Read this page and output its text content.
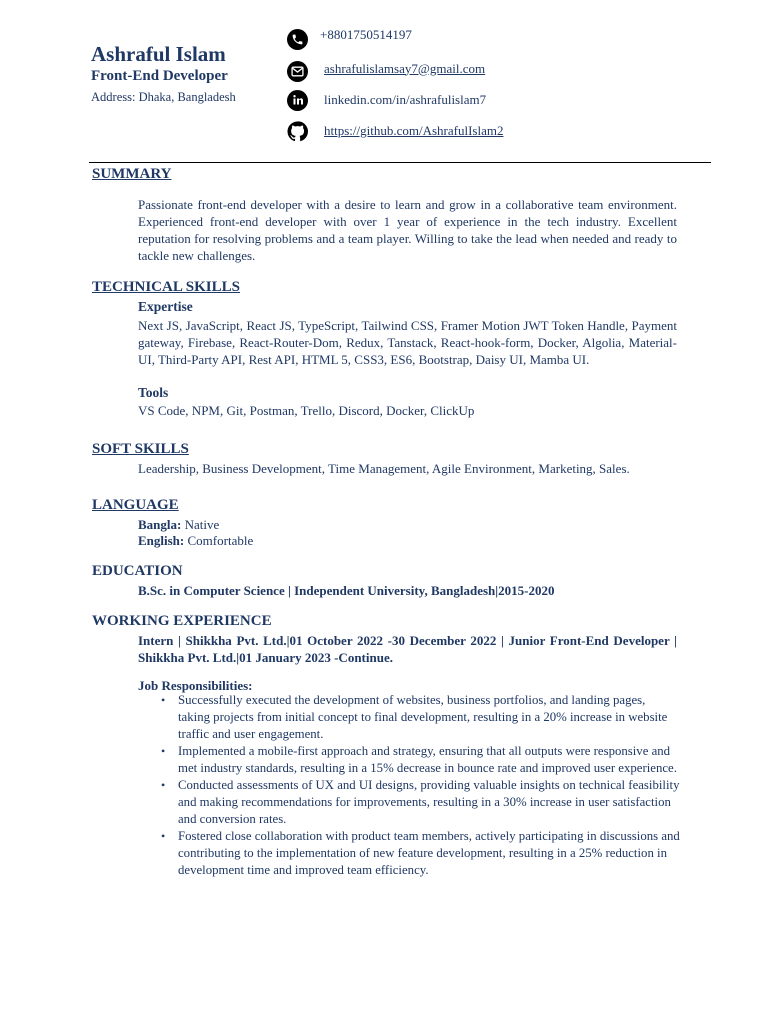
Ashraful Islam
Front-End Developer
Address: Dhaka, Bangladesh
+8801750514197
ashrafulislamsay7@gmail.com
linkedin.com/in/ashrafulislam7
https://github.com/AshrafulIslam2
SUMMARY

Passionate front-end developer with a desire to learn and grow in a collaborative team environment. Experienced front-end developer with over 1 year of experience in the tech industry. Excellent reputation for resolving problems and a team player. Willing to take the lead when needed and ready to tackle new challenges.

TECHNICAL SKILLS
Expertise

Next JS, JavaScript, React JS, TypeScript, Tailwind CSS, Framer Motion JWT Token Handle, Payment gateway, Firebase, React-Router-Dom, Redux, Tanstack, React-hook-form, Docker, Algolia, Material-UI, Third-Party API, Rest API, HTML 5, CSS3, ES6, Bootstrap, Daisy UI, Mamba UI.

Tools
VS Code, NPM, Git, Postman, Trello, Discord, Docker, ClickUp
SOFT SKILLS
Leadership, Business Development, Time Management, Agile Environment, Marketing, Sales.
LANGUAGE
Bangla: Native
English: Comfortable
EDUCATION
B.Sc. in Computer Science | Independent University, Bangladesh|2015-2020
WORKING EXPERIENCE

Intern | Shikkha Pvt. Ltd.|01 October 2022 -30 December 2022 | Junior Front-End Developer | Shikkha Pvt. Ltd.|01 January 2023 -Continue.

Job Responsibilities:
• Successfully executed the development of websites, business portfolios, and landing pages, taking projects from initial concept to final development, resulting in a 20% increase in website traffic and user engagement.
• Implemented a mobile-first approach and strategy, ensuring that all outputs were responsive and met industry standards, resulting in a 15% decrease in bounce rate and improved user experience.
• Conducted assessments of UX and UI designs, providing valuable insights on technical feasibility and making recommendations for improvements, resulting in a 30% increase in user satisfaction and conversion rates.
• Fostered close collaboration with product team members, actively participating in discussions and contributing to the implementation of new feature development, resulting in a 25% reduction in development time and improved team efficiency.
